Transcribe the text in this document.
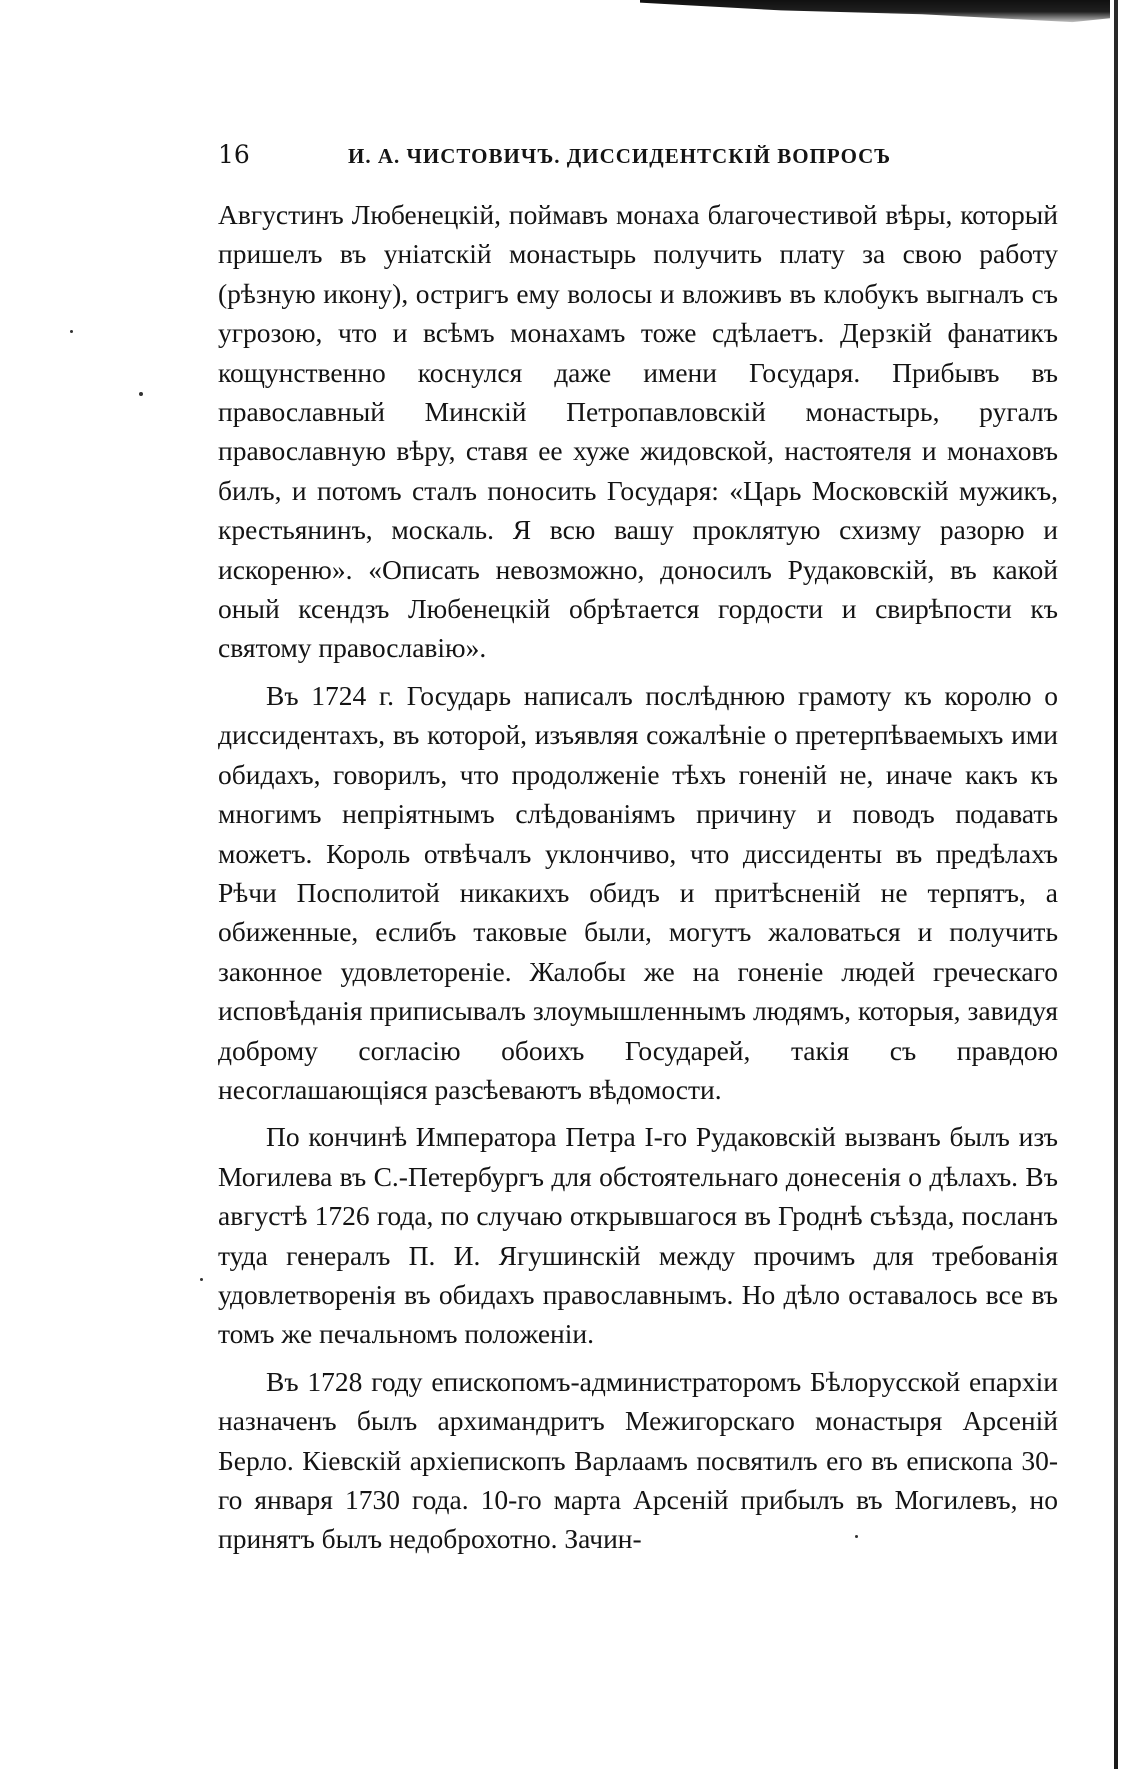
16	И. А. ЧИСТОВИЧЪ. ДИССИДЕНТСКІЙ ВОПРОСЪ

Августинъ Любенецкій, поймавъ монаха благочестивой вѣры, который пришелъ въ уніатскій монастырь получить плату за свою работу (рѣзную икону), остригъ ему волосы и вложивъ въ клобукъ выгналъ съ угрозою, что и всѣмъ монахамъ тоже сдѣлаетъ. Дерзкій фанатикъ кощунственно коснулся даже имени Государя. Прибывъ въ православный Минскій Петропавловскій монастырь, ругалъ православную вѣру, ставя ее хуже жидовской, настоятеля и монаховъ билъ, и потомъ сталъ поносить Государя: «Царь Московскій мужикъ, крестьянинъ, москаль. Я всю вашу проклятую схизму разорю и искореню». «Описать невозможно, доносилъ Рудаковскій, въ какой оный ксендзъ Любенецкій обрѣтается гордости и свирѣпости къ святому православію».

Въ 1724 г. Государь написалъ послѣднюю грамоту къ королю о диссидентахъ, въ которой, изъявляя сожалѣніе о претерпѣваемыхъ ими обидахъ, говорилъ, что продолженіе тѣхъ гоненій не, иначе какъ къ многимъ непріятнымъ слѣдованіямъ причину и поводъ подавать можетъ. Король отвѣчалъ уклончиво, что диссиденты въ предѣлахъ Рѣчи Посполитой никакихъ обидъ и притѣсненій не терпятъ, а обиженные, еслибъ таковые были, могутъ жаловаться и получить законное удовлетореніе. Жалобы же на гоненіе людей греческаго исповѣданія приписывалъ злоумышленнымъ людямъ, которыя, завидуя доброму согласію обоихъ Государей, такія съ правдою несоглашающіяся разсѣеваютъ вѣдомости.

По кончинѣ Императора Петра I-го Рудаковскій вызванъ былъ изъ Могилева въ С.-Петербургъ для обстоятельнаго донесенія о дѣлахъ. Въ августѣ 1726 года, по случаю открывшагося въ Гроднѣ съѣзда, посланъ туда генералъ П. И. Ягушинскій между прочимъ для требованія удовлетворенія въ обидахъ православнымъ. Но дѣло оставалось все въ томъ же печальномъ положеніи.

Въ 1728 году епископомъ-администраторомъ Бѣлорусской епархіи назначенъ былъ архимандритъ Межигорскаго монастыря Арсеній Берло. Кіевскій архіепископъ Варлаамъ посвятилъ его въ епископа 30-го января 1730 года. 10-го марта Арсеній прибылъ въ Могилевъ, но принятъ былъ недоброхотно. Зачин-
